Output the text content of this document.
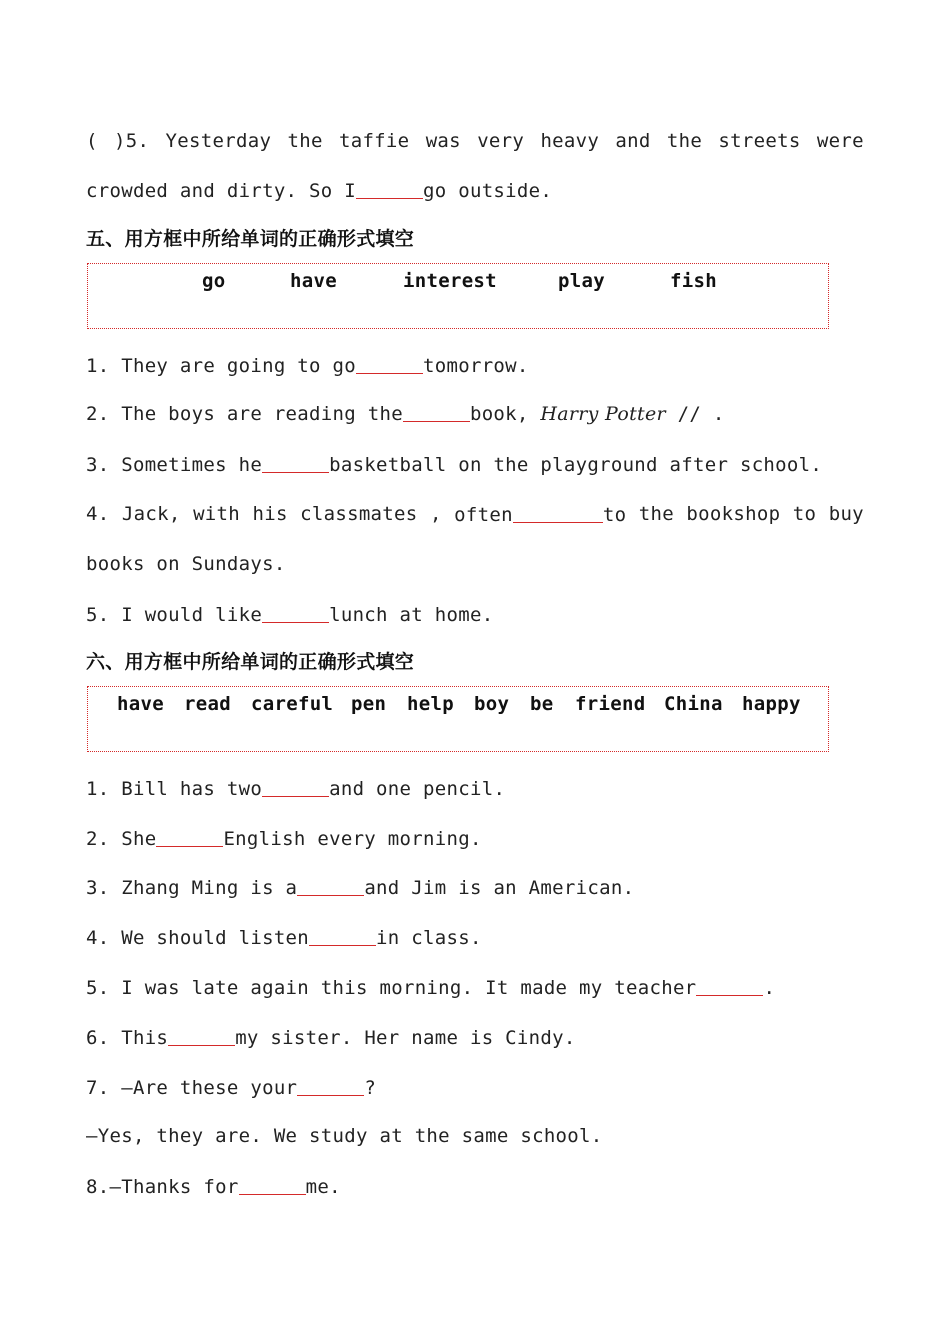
( )5. Yesterday the taffie was very heavy and the streets were
crowded and dirty. So I	go outside.
五、用方框中所给单词的正确形式填空
go	have	interest	play	fish
1. They are going to go	tomorrow.
2. The boys are reading the	book, Harry Potter // .
3. Sometimes he	basketball on the playground after school.
4. Jack, with his classmates , often	to the bookshop to buy
books on Sundays.
5. I would like	lunch at home.
六、用方框中所给单词的正确形式填空
have read careful pen help boy be friend China happy
1. Bill has two	and one pencil.
2. She	English every morning.
3. Zhang Ming is a	and Jim is an American.
4. We should listen	in class.
5. I was late again this morning. It made my teacher	.
6. This	my sister. Her name is Cindy.
7. —Are these your	?
—Yes, they are. We study at the same school.
8.—Thanks for	me.
